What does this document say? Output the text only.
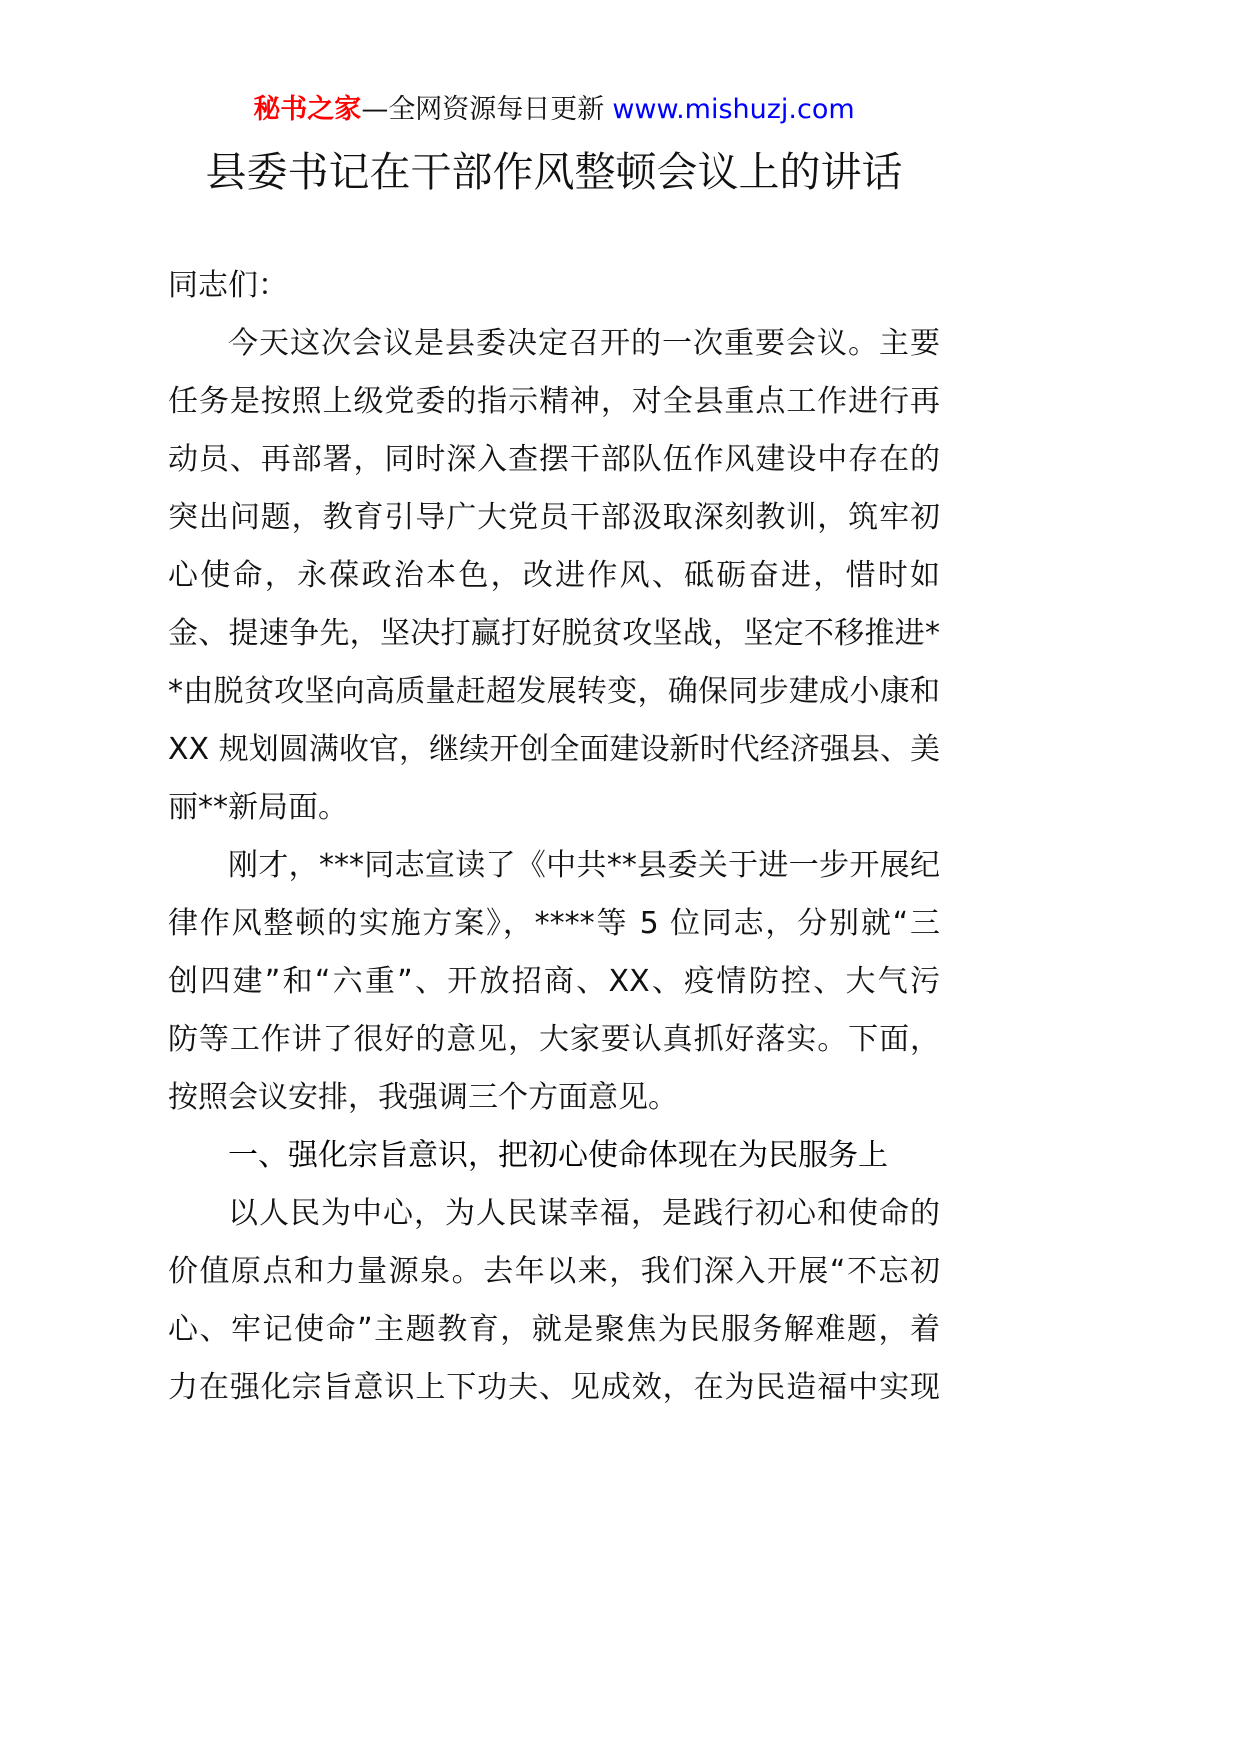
秘书之家—全网资源每日更新 www.mishuzj.com
县委书记在干部作风整顿会议上的讲话
同志们：
今天这次会议是县委决定召开的一次重要会议。主要
任务是按照上级党委的指示精神，对全县重点工作进行再
动员、再部署，同时深入查摆干部队伍作风建设中存在的
突出问题，教育引导广大党员干部汲取深刻教训，筑牢初
心使命，永葆政治本色，改进作风、砥砺奋进，惜时如
金、提速争先，坚决打赢打好脱贫攻坚战，坚定不移推进*
*由脱贫攻坚向高质量赶超发展转变，确保同步建成小康和
XX 规划圆满收官，继续开创全面建设新时代经济强县、美
丽**新局面。
刚才，***同志宣读了《中共**县委关于进一步开展纪
律作风整顿的实施方案》，****等 5 位同志，分别就“三
创四建”和“六重”、开放招商、XX、疫情防控、大气污
防等工作讲了很好的意见，大家要认真抓好落实。下面，
按照会议安排，我强调三个方面意见。
一、强化宗旨意识，把初心使命体现在为民服务上
以人民为中心，为人民谋幸福，是践行初心和使命的
价值原点和力量源泉。去年以来，我们深入开展“不忘初
心、牢记使命”主题教育，就是聚焦为民服务解难题，着
力在强化宗旨意识上下功夫、见成效，在为民造福中实现
